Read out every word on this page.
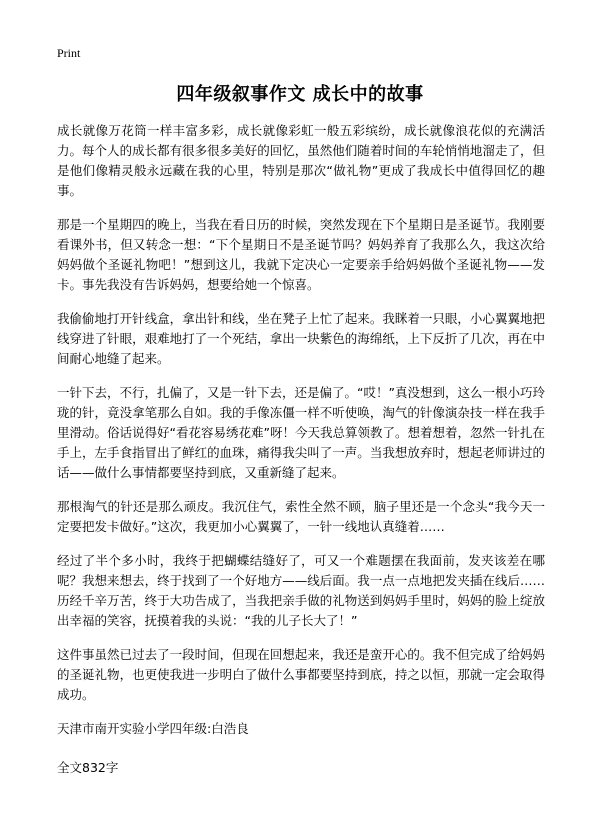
Print
四年级叙事作文 成长中的故事

成长就像万花筒一样丰富多彩，成长就像彩虹一般五彩缤纷，成长就像浪花似的充满活力。每个人的成长都有很多很多美好的回忆，虽然他们随着时间的车轮悄悄地溜走了，但是他们像精灵般永远藏在我的心里，特别是那次“做礼物”更成了我成长中值得回忆的趣事。

那是一个星期四的晚上，当我在看日历的时候，突然发现在下个星期日是圣诞节。我刚要看课外书，但又转念一想：“下个星期日不是圣诞节吗？妈妈养育了我那么久，我这次给妈妈做个圣诞礼物吧！”想到这儿，我就下定决心一定要亲手给妈妈做个圣诞礼物——发卡。事先我没有告诉妈妈，想要给她一个惊喜。

我偷偷地打开针线盒，拿出针和线，坐在凳子上忙了起来。我眯着一只眼，小心翼翼地把线穿进了针眼，艰难地打了一个死结，拿出一块紫色的海绵纸，上下反折了几次，再在中间耐心地缝了起来。

一针下去，不行，扎偏了，又是一针下去，还是偏了。“哎！”真没想到，这么一根小巧玲珑的针，竟没拿笔那么自如。我的手像冻僵一样不听使唤，淘气的针像演杂技一样在我手里滑动。俗话说得好“看花容易绣花难”呀！今天我总算领教了。想着想着，忽然一针扎在手上，左手食指冒出了鲜红的血珠，痛得我尖叫了一声。当我想放弃时，想起老师讲过的话——做什么事情都要坚持到底，又重新缝了起来。

那根淘气的针还是那么顽皮。我沉住气，索性全然不顾，脑子里还是一个念头“我今天一定要把发卡做好。”这次，我更加小心翼翼了，一针一线地认真缝着……

经过了半个多小时，我终于把蝴蝶结缝好了，可又一个难题摆在我面前，发夹该差在哪呢？我想来想去，终于找到了一个好地方——线后面。我一点一点地把发夹插在线后……历经千辛万苦，终于大功告成了，当我把亲手做的礼物送到妈妈手里时，妈妈的脸上绽放出幸福的笑容，抚摸着我的头说：“我的儿子长大了！”

这件事虽然已过去了一段时间，但现在回想起来，我还是蛮开心的。我不但完成了给妈妈的圣诞礼物，也更使我进一步明白了做什么事都要坚持到底，持之以恒，那就一定会取得成功。

天津市南开实验小学四年级:白浩良

全文832字
